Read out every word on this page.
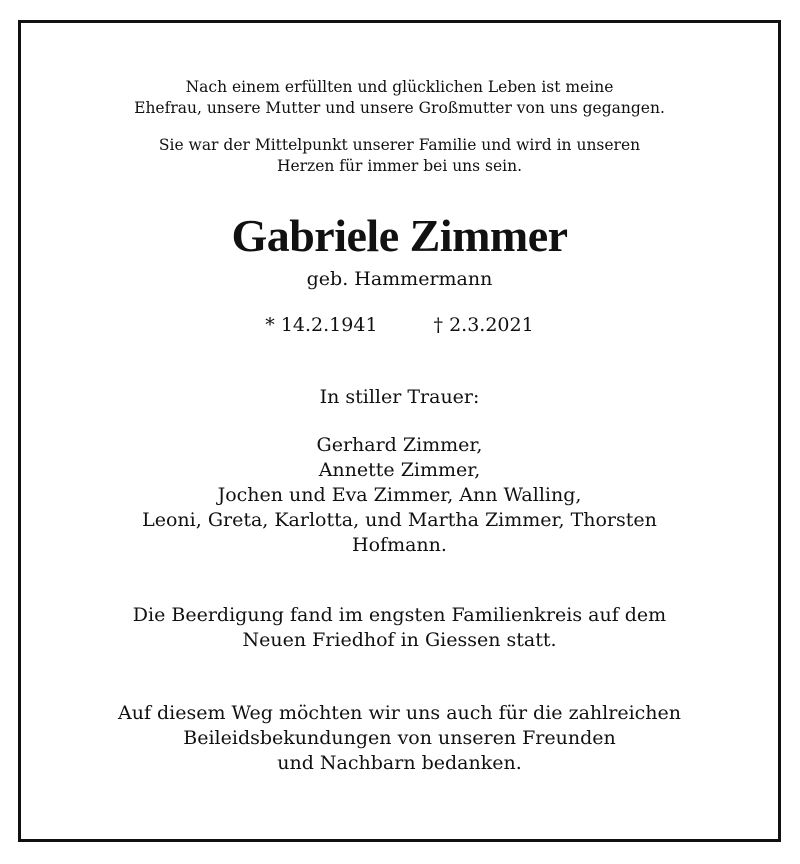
Nach einem erfüllten und glücklichen Leben ist meine
Ehefrau, unsere Mutter und unsere Großmutter von uns gegangen.
Sie war der Mittelpunkt unserer Familie und wird in unseren
Herzen für immer bei uns sein.
Gabriele Zimmer
geb. Hammermann
* 14.2.1941	† 2.3.2021
In stiller Trauer:
Gerhard Zimmer,
Annette Zimmer,
Jochen und Eva Zimmer, Ann Walling,
Leoni, Greta, Karlotta, und Martha Zimmer, Thorsten
Hofmann.
Die Beerdigung fand im engsten Familienkreis auf dem
Neuen Friedhof in Giessen statt.
Auf diesem Weg möchten wir uns auch für die zahlreichen
Beileidsbekundungen von unseren Freunden
und Nachbarn bedanken.
